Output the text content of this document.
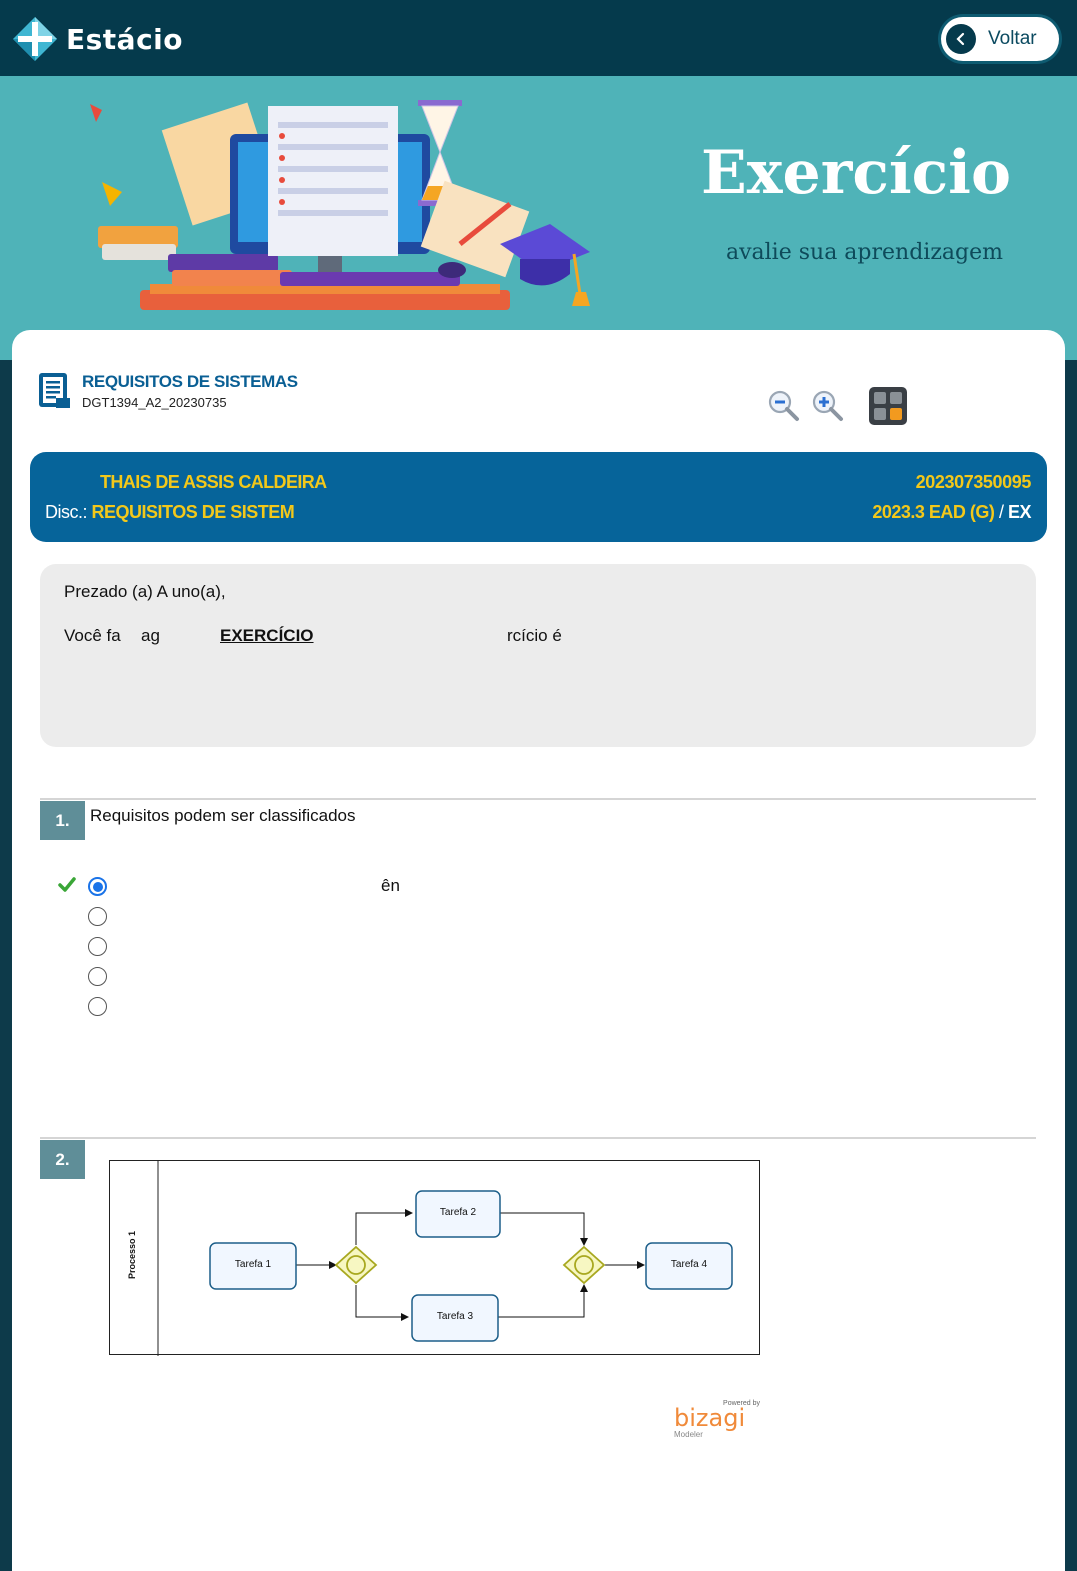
Estácio	Voltar
Exercício
avalie sua aprendizagem
REQUISITOS DE SISTEMAS
DGT1394_A2_20230735
THAIS DE ASSIS CALDEIRA	202307350095
Disc.: REQUISITOS DE SISTEM	2023.3 EAD (G) / EX
Prezado (a) A uno(a),
Você fa ag	EXERCÍCIO	rcício é
1.	Requisitos podem ser classificados
ên
2.
Processo 1	Tarefa 1
Tarefa 2
Tarefa 3
Tarefa 4
Powered by
bizagi
Modeler
